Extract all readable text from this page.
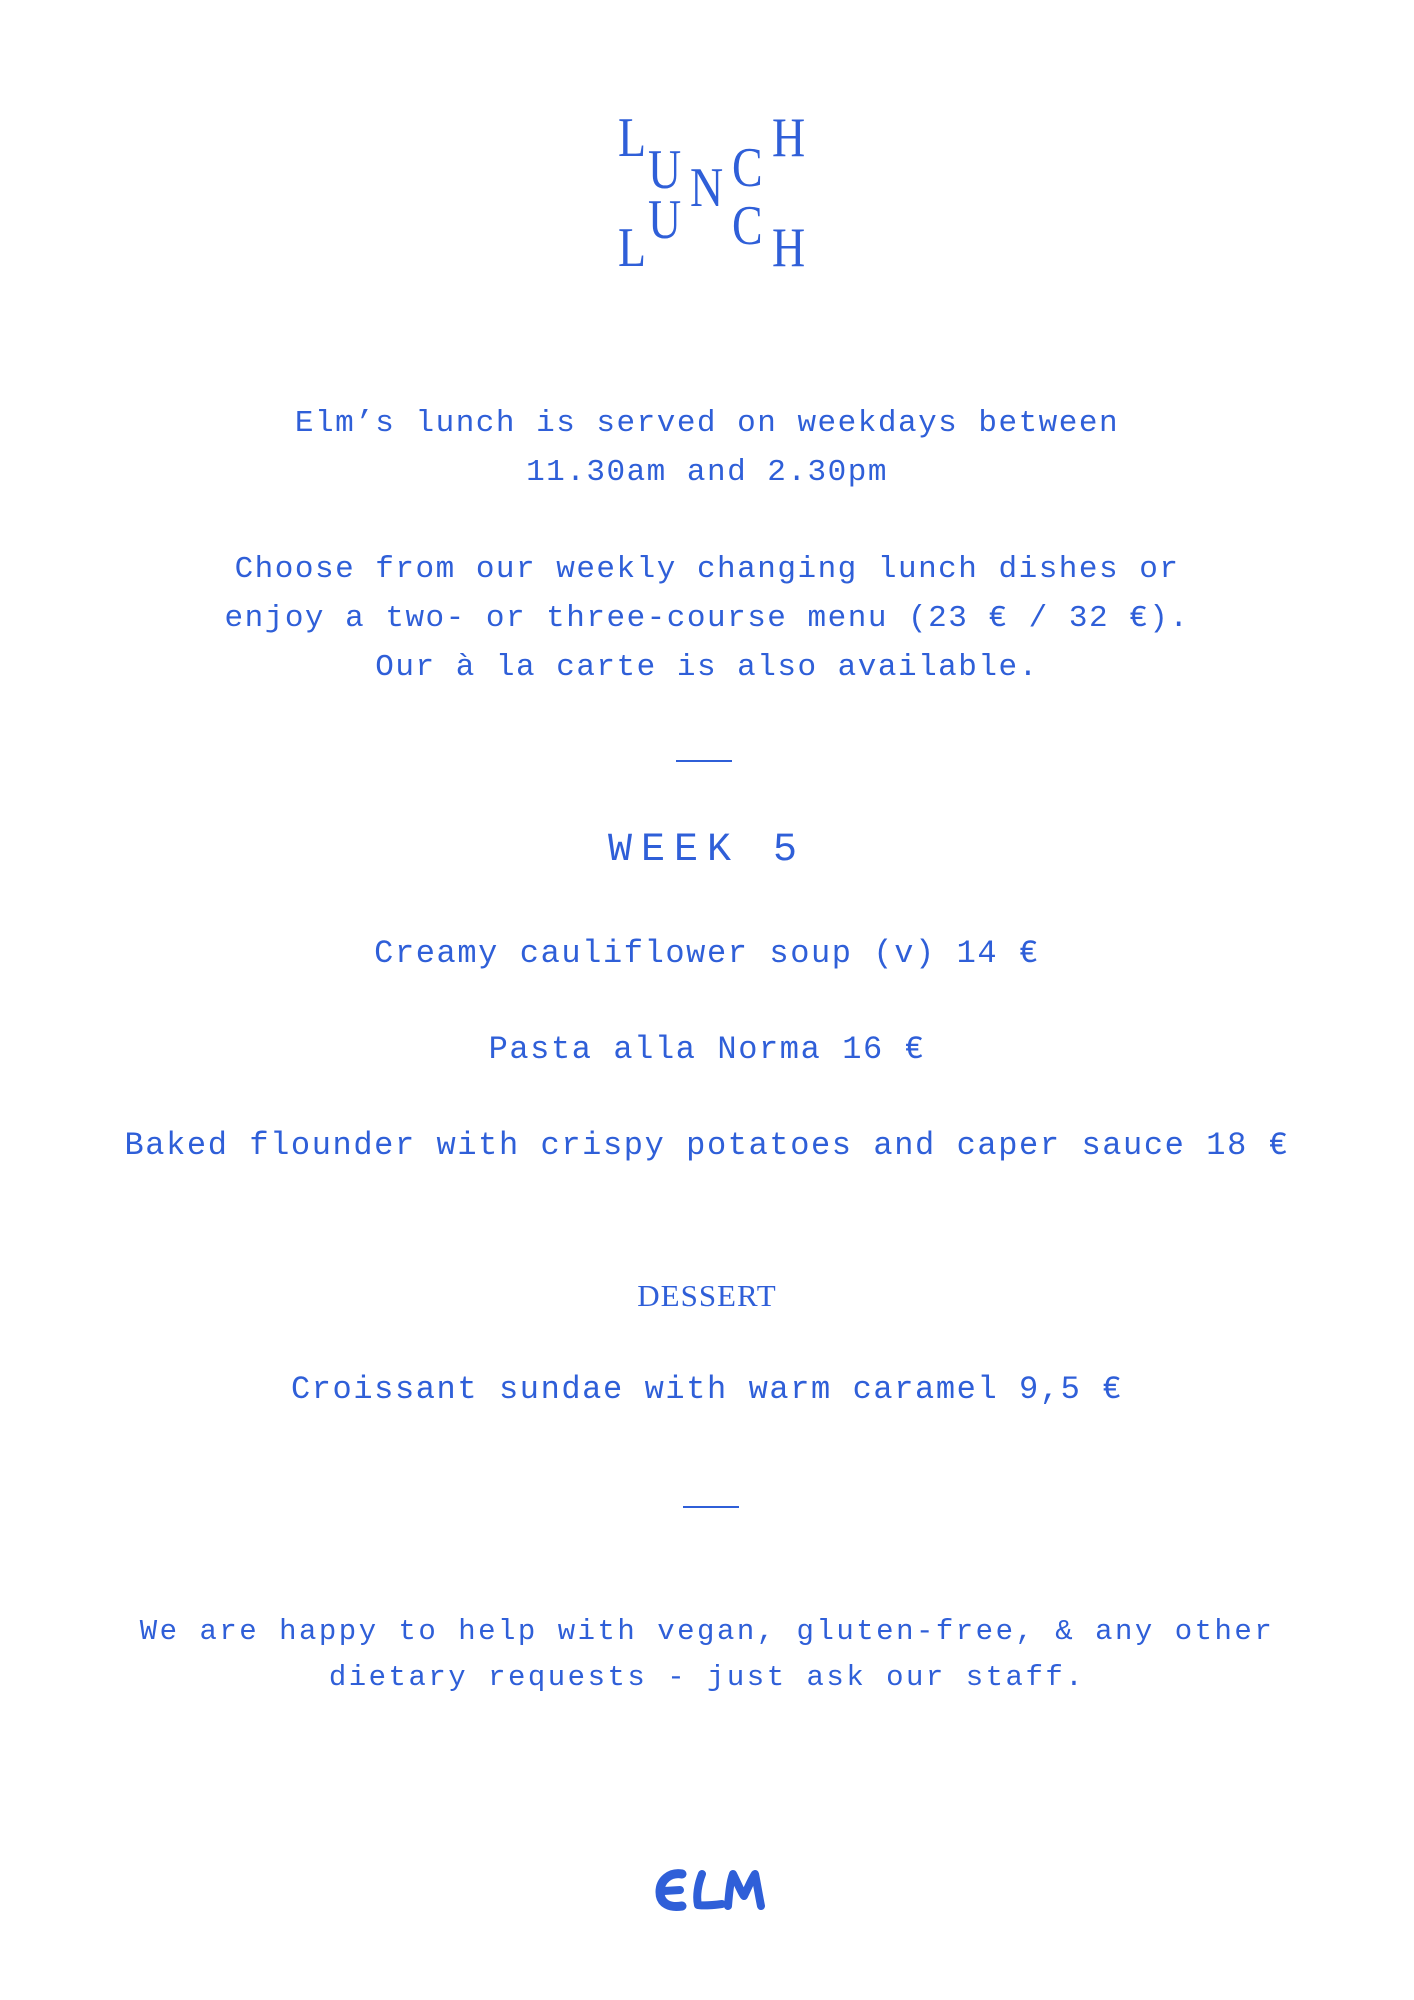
L
U N C H
L U C H
Elm’s lunch is served on weekdays between
11.30am and 2.30pm
Choose from our weekly changing lunch dishes or
enjoy a two- or three-course menu (23 € / 32 €).
Our à la carte is also available.
WEEK 5
Creamy cauliflower soup (v) 14 €
Pasta alla Norma 16 €
Baked flounder with crispy potatoes and caper sauce 18 €
DESSERT
Croissant sundae with warm caramel 9,5 €
We are happy to help with vegan, gluten-free, & any other
dietary requests - just ask our staff.
